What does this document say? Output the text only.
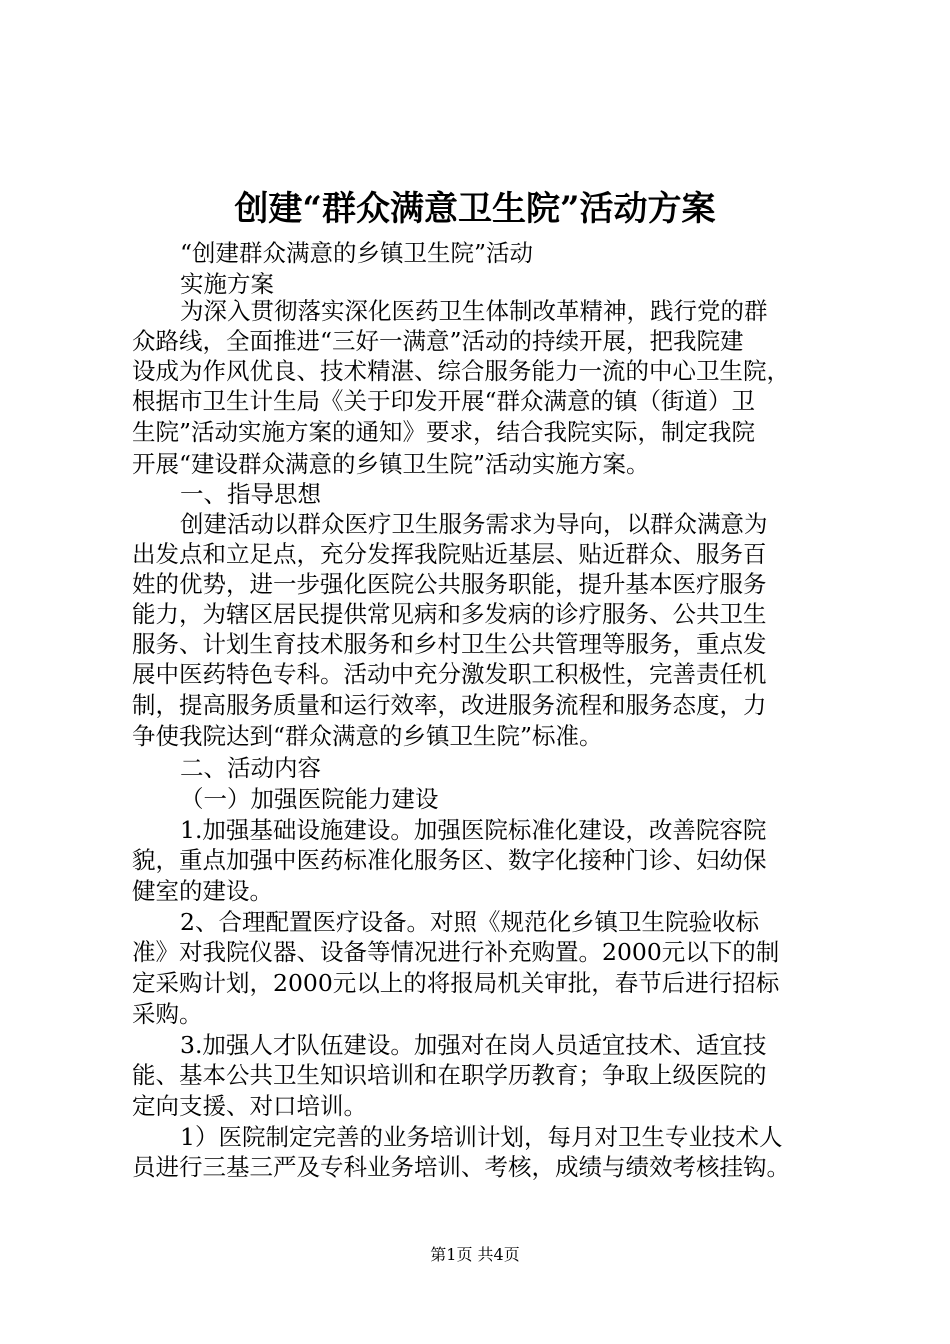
创建“群众满意卫生院”活动方案
“创建群众满意的乡镇卫生院”活动
实施方案
为深入贯彻落实深化医药卫生体制改革精神，践行党的群
众路线，全面推进“三好一满意”活动的持续开展，把我院建
设成为作风优良、技术精湛、综合服务能力一流的中心卫生院，
根据市卫生计生局《关于印发开展“群众满意的镇（街道）卫
生院”活动实施方案的通知》要求，结合我院实际，制定我院
开展“建设群众满意的乡镇卫生院”活动实施方案。
一、指导思想
创建活动以群众医疗卫生服务需求为导向，以群众满意为
出发点和立足点，充分发挥我院贴近基层、贴近群众、服务百
姓的优势，进一步强化医院公共服务职能，提升基本医疗服务
能力，为辖区居民提供常见病和多发病的诊疗服务、公共卫生
服务、计划生育技术服务和乡村卫生公共管理等服务，重点发
展中医药特色专科。活动中充分激发职工积极性，完善责任机
制，提高服务质量和运行效率，改进服务流程和服务态度，力
争使我院达到“群众满意的乡镇卫生院”标准。
二、活动内容
（一）加强医院能力建设
1.加强基础设施建设。加强医院标准化建设，改善院容院
貌，重点加强中医药标准化服务区、数字化接种门诊、妇幼保
健室的建设。
2、合理配置医疗设备。对照《规范化乡镇卫生院验收标
准》对我院仪器、设备等情况进行补充购置。2000元以下的制
定采购计划，2000元以上的将报局机关审批，春节后进行招标
采购。
3.加强人才队伍建设。加强对在岗人员适宜技术、适宜技
能、基本公共卫生知识培训和在职学历教育；争取上级医院的
定向支援、对口培训。
1）医院制定完善的业务培训计划，每月对卫生专业技术人
员进行三基三严及专科业务培训、考核，成绩与绩效考核挂钩。
第1页 共4页
